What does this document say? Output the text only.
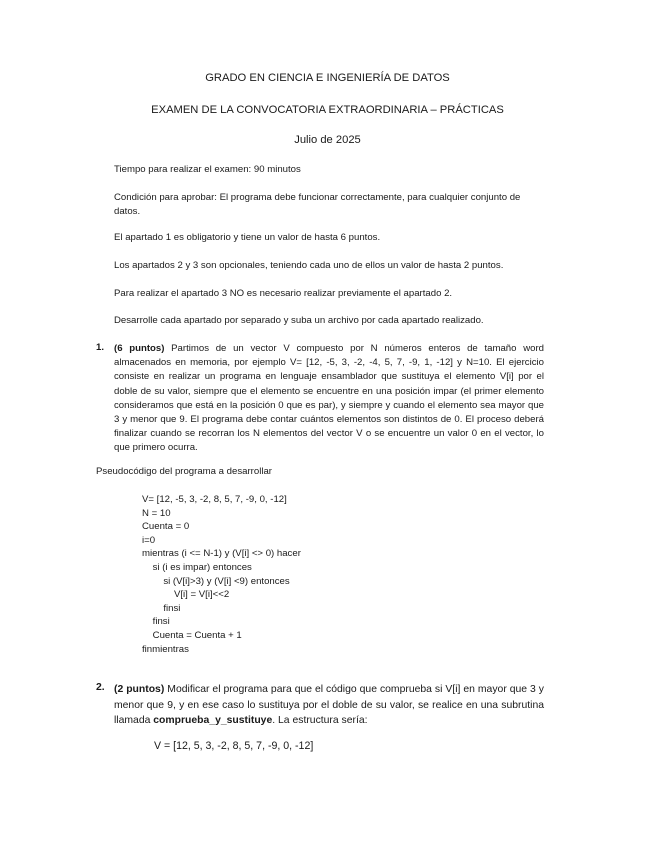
GRADO EN CIENCIA E INGENIERÍA DE DATOS
EXAMEN DE LA CONVOCATORIA EXTRAORDINARIA – PRÁCTICAS
Julio de 2025
Tiempo para realizar el examen: 90 minutos
Condición para aprobar: El programa debe funcionar correctamente, para cualquier conjunto de datos.
El apartado 1 es obligatorio y tiene un valor de hasta 6 puntos.
Los apartados 2 y 3 son opcionales, teniendo cada uno de ellos un valor de hasta 2 puntos.
Para realizar el apartado 3 NO es necesario realizar previamente el apartado 2.
Desarrolle cada apartado por separado y suba un archivo por cada apartado realizado.
1. (6 puntos) Partimos de un vector V compuesto por N números enteros de tamaño word almacenados en memoria, por ejemplo V= [12, -5, 3, -2, -4, 5, 7, -9, 1, -12] y N=10. El ejercicio consiste en realizar un programa en lenguaje ensamblador que sustituya el elemento V[i] por el doble de su valor, siempre que el elemento se encuentre en una posición impar (el primer elemento consideramos que está en la posición 0 que es par), y siempre y cuando el elemento sea mayor que 3 y menor que 9. El programa debe contar cuántos elementos son distintos de 0. El proceso deberá finalizar cuando se recorran los N elementos del vector V o se encuentre un valor 0 en el vector, lo que primero ocurra.
Pseudocódigo del programa a desarrollar
V= [12, -5, 3, -2, 8, 5, 7, -9, 0, -12]
N = 10
Cuenta = 0
i=0
mientras (i <= N-1) y (V[i] <> 0) hacer
si (i es impar) entonces
si (V[i]>3) y (V[i] <9) entonces
V[i] = V[i]<<2
finsi
finsi
Cuenta = Cuenta + 1
finmientras
2. (2 puntos) Modificar el programa para que el código que comprueba si V[i] en mayor que 3 y menor que 9, y en ese caso lo sustituya por el doble de su valor, se realice en una subrutina llamada comprueba_y_sustituye. La estructura sería:
V = [12, 5, 3, -2, 8, 5, 7, -9, 0, -12]
